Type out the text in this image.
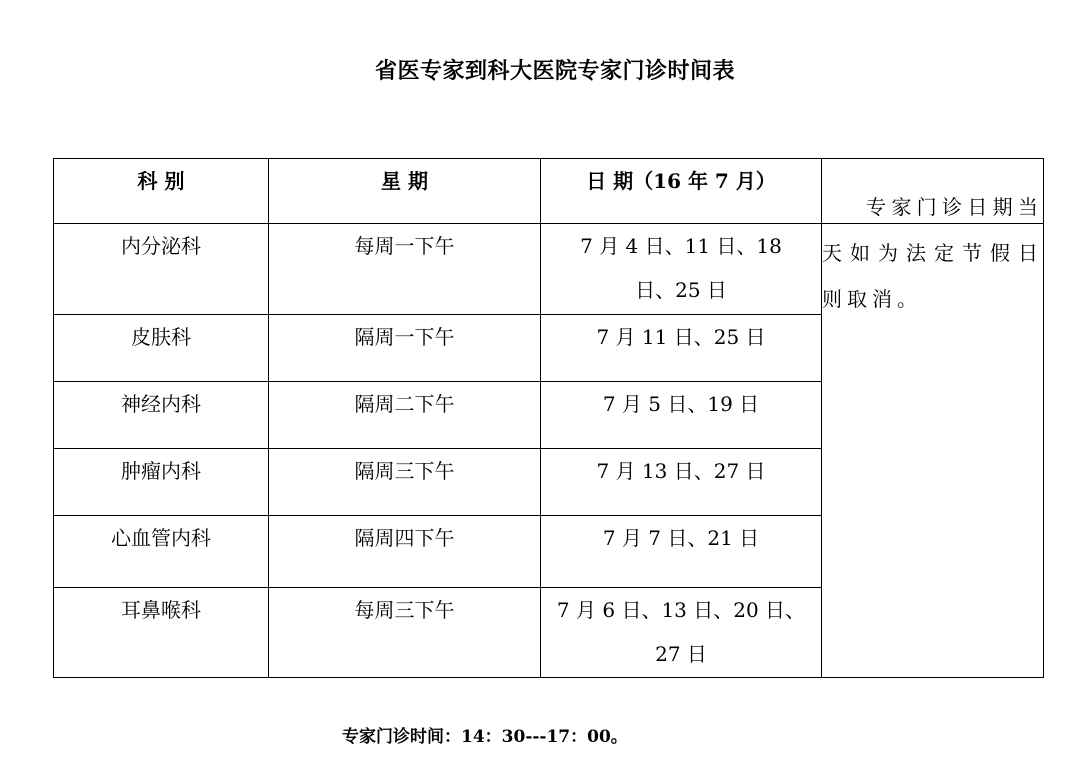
省医专家到科大医院专家门诊时间表
科 别	星 期	日 期（16 年 7 月）	

内分泌科	每周一下午	7 月 4 日、11 日、18 日、25 日	专家门诊日期当天如为法定节假日则取消。

皮肤科	隔周一下午	7 月 11 日、25 日	

神经内科	隔周二下午	7 月 5 日、19 日	

肿瘤内科	隔周三下午	7 月 13 日、27 日	

心血管内科	隔周四下午	7 月 7 日、21 日	

耳鼻喉科	每周三下午	7 月 6 日、13 日、20 日、27 日	
专家门诊时间：14：30---17：00。
